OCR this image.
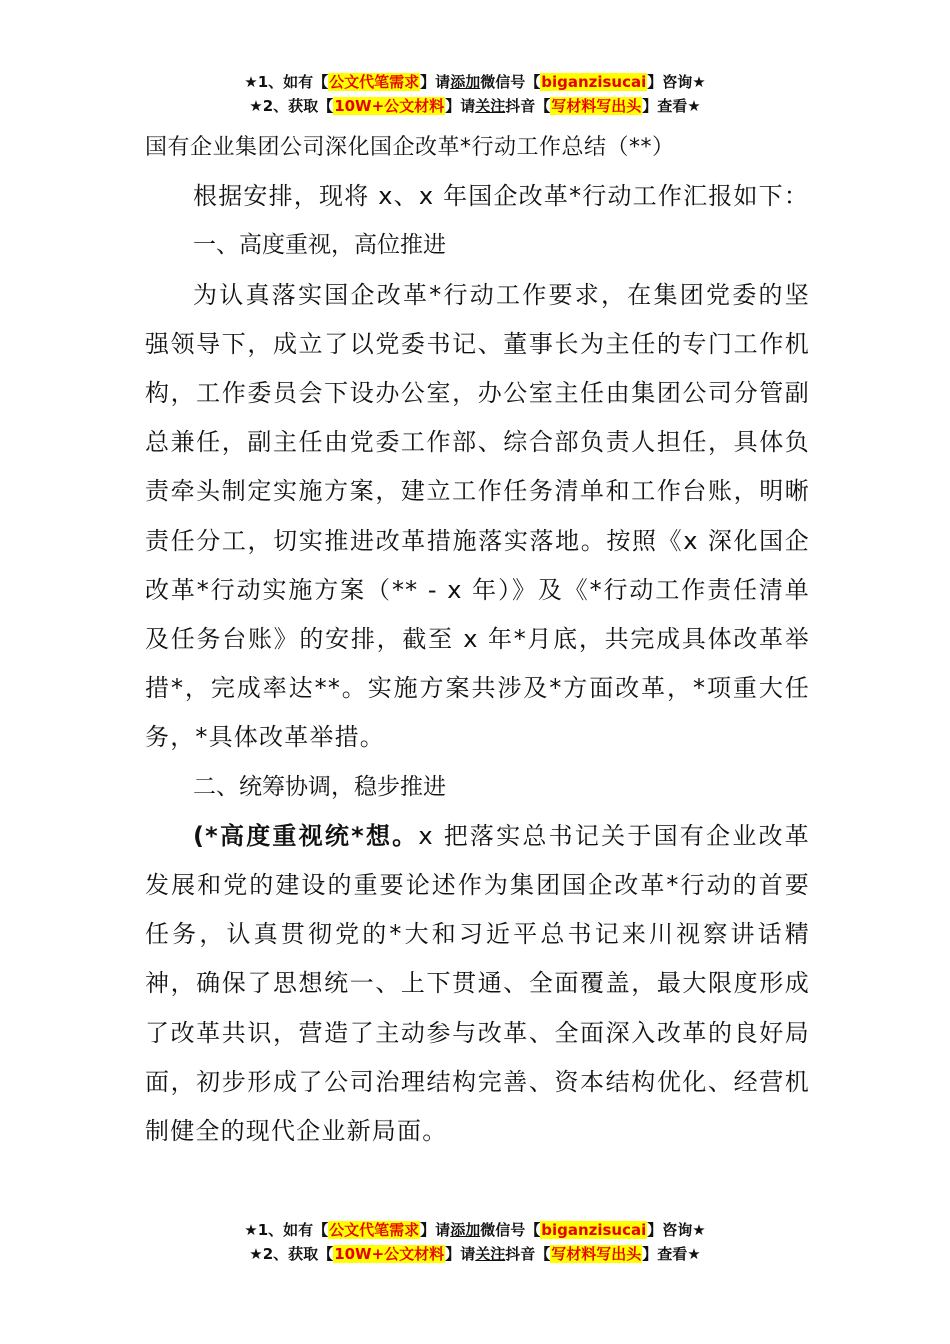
★1、如有【公文代笔需求】请添加微信号【biganzisucai】咨询★
★2、获取【10W+公文材料】请关注抖音【写材料写出头】查看★

国有企业集团公司深化国企改革*行动工作总结（**）

根据安排，现将 x、x 年国企改革*行动工作汇报如下：

一、高度重视，高位推进

为认真落实国企改革*行动工作要求，在集团党委的坚强领导下，成立了以党委书记、董事长为主任的专门工作机构，工作委员会下设办公室，办公室主任由集团公司分管副总兼任，副主任由党委工作部、综合部负责人担任，具体负责牵头制定实施方案，建立工作任务清单和工作台账，明晰责任分工，切实推进改革措施落实落地。按照《x 深化国企改革*行动实施方案（** - x 年）》及《*行动工作责任清单及任务台账》的安排，截至 x 年*月底，共完成具体改革举措*，完成率达**。实施方案共涉及*方面改革，*项重大任务，*具体改革举措。

二、统筹协调，稳步推进

(*高度重视统*想。x 把落实总书记关于国有企业改革发展和党的建设的重要论述作为集团国企改革*行动的首要任务，认真贯彻党的*大和习近平总书记来川视察讲话精神，确保了思想统一、上下贯通、全面覆盖，最大限度形成了改革共识，营造了主动参与改革、全面深入改革的良好局面，初步形成了公司治理结构完善、资本结构优化、经营机制健全的现代企业新局面。

★1、如有【公文代笔需求】请添加微信号【biganzisucai】咨询★
★2、获取【10W+公文材料】请关注抖音【写材料写出头】查看★
